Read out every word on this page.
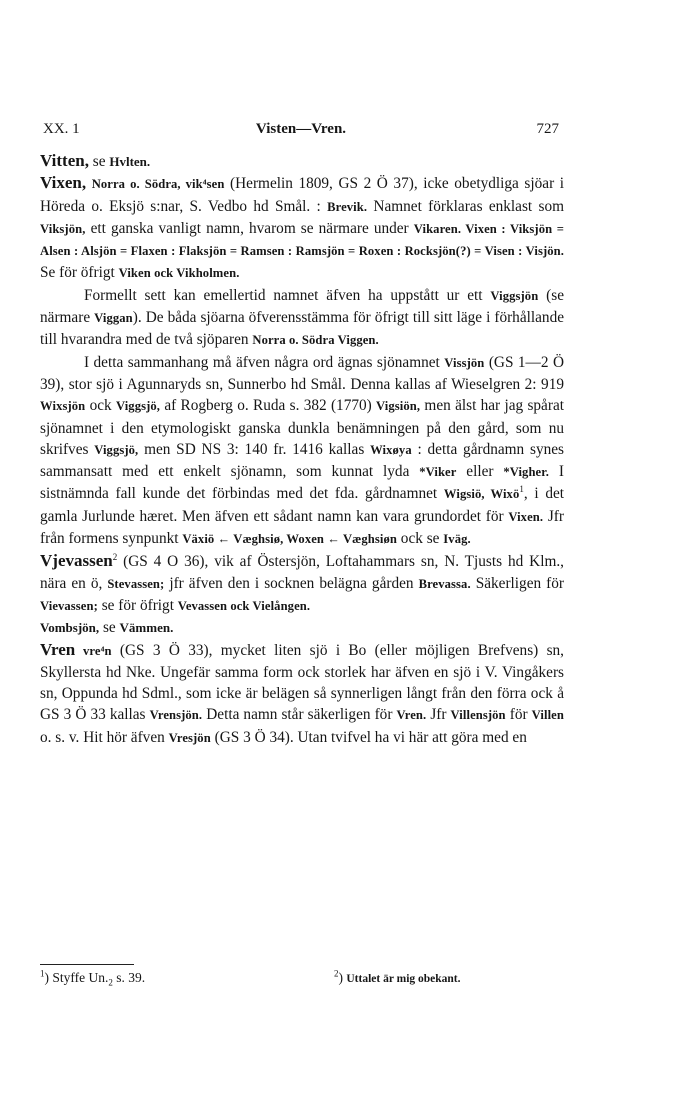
XX. 1	Visten—Vren.	727

Vitten, se Hvlten.

Vixen, Norra o. Södra, vik⁴sen (Hermelin 1809, GS 2 Ö 37), icke obetydliga sjöar i Höreda o. Eksjö s:nar, S. Vedbo hd Smål. : Brevik. Namnet förklaras enklast som Viksjön, ett ganska vanligt namn, hvarom se närmare under Vikaren. Vixen : Viksjön = Alsen : Alsjön = Flaxen : Flaksjön = Ramsen : Ramsjön = Roxen : Rocksjön(?) = Visen : Visjön. Se för öfrigt Viken ock Vikholmen.

Formellt sett kan emellertid namnet äfven ha uppstått ur ett Viggsjön (se närmare Viggan). De båda sjöarna öfverensstämma för öfrigt till sitt läge i förhållande till hvarandra med de två sjöparen Norra o. Södra Viggen.

I detta sammanhang må äfven några ord ägnas sjönamnet Vissjön (GS 1—2 Ö 39), stor sjö i Agunnaryds sn, Sunnerbo hd Smål. Denna kallas af Wieselgren 2: 919 Wixsjön ock Viggsjö, af Rogberg o. Ruda s. 382 (1770) Vigsiön, men älst har jag spårat sjönamnet i den etymologiskt ganska dunkla benämningen på den gård, som nu skrifves Viggsjö, men SD NS 3: 140 fr. 1416 kallas Wixøya : detta gårdnamn synes sammansatt med ett enkelt sjönamn, som kunnat lyda *Viker eller *Vigher. I sistnämnda fall kunde det förbindas med det fda. gårdnamnet Wigsiö, Wixö$^1$, i det gamla Jurlunde hæret. Men äfven ett sådant namn kan vara grundordet för Vixen. Jfr från formens synpunkt Växiö ← Væghsiø, Woxen ← Væghsiøn ock se Iväg.

Vjevassen$^2$ (GS 4 O 36), vik af Östersjön, Loftahammars sn, N. Tjusts hd Klm., nära en ö, Stevassen; jfr äfven den i socknen belägna gården Brevassa. Säkerligen för Vievassen; se för öfrigt Vevassen ock Vielången.

Vombsjön, se Vämmen.

Vren vre⁴n (GS 3 Ö 33), mycket liten sjö i Bo (eller möjligen Brefvens) sn, Skyllersta hd Nke. Ungefär samma form ock storlek har äfven en sjö i V. Vingåkers sn, Oppunda hd Sdml., som icke är belägen så synnerligen långt från den förra ock å GS 3 Ö 33 kallas Vrensjön. Detta namn står säkerligen för Vren. Jfr Villensjön för Villen o. s. v. Hit hör äfven Vresjön (GS 3 Ö 34). Utan tvifvel ha vi här att göra med en

$^1$) Styffe $Un._2$ s. 39.	$^2$) Uttalet är mig obekant.
